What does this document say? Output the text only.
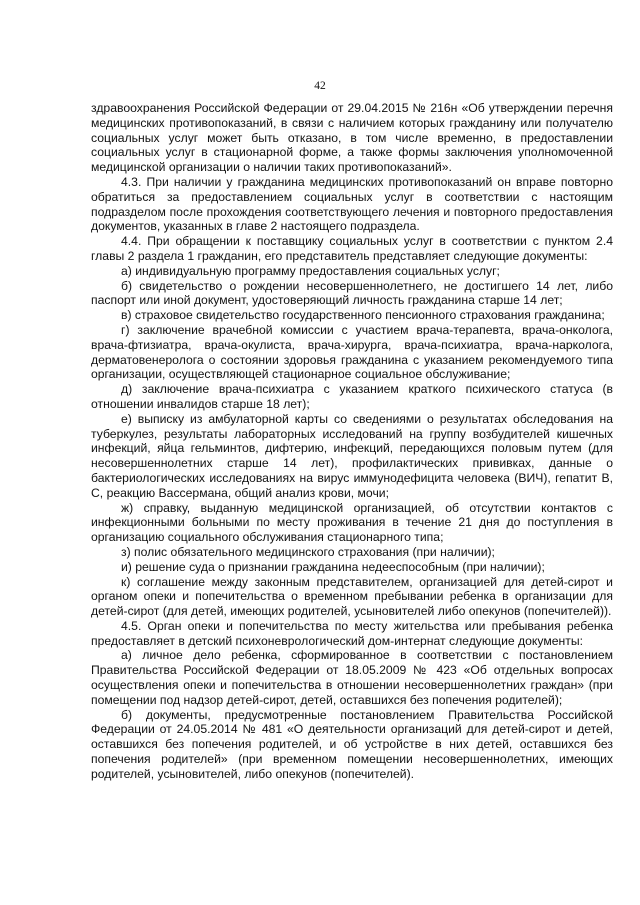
42

здравоохранения Российской Федерации от 29.04.2015 № 216н «Об утверждении перечня медицинских противопоказаний, в связи с наличием которых гражданину или получателю социальных услуг может быть отказано, в том числе временно, в предоставлении социальных услуг в стационарной форме, а также формы заключения уполномоченной медицинской организации о наличии таких противопоказаний».

4.3. При наличии у гражданина медицинских противопоказаний он вправе повторно обратиться за предоставлением социальных услуг в соответствии с настоящим подразделом после прохождения соответствующего лечения и повторного предоставления документов, указанных в главе 2 настоящего подраздела.

4.4. При обращении к поставщику социальных услуг в соответствии с пунктом 2.4 главы 2 раздела 1 гражданин, его представитель представляет следующие документы:

а) индивидуальную программу предоставления социальных услуг;

б) свидетельство о рождении несовершеннолетнего, не достигшего 14 лет, либо паспорт или иной документ, удостоверяющий личность гражданина старше 14 лет;

в) страховое свидетельство государственного пенсионного страхования гражданина;

г) заключение врачебной комиссии с участием врача-терапевта, врача-онколога, врача-фтизиатра, врача-окулиста, врача-хирурга, врача-психиатра, врача-нарколога, дерматовенеролога о состоянии здоровья гражданина с указанием рекомендуемого типа организации, осуществляющей стационарное социальное обслуживание;

д) заключение врача-психиатра с указанием краткого психического статуса (в отношении инвалидов старше 18 лет);

е) выписку из амбулаторной карты со сведениями о результатах обследования на туберкулез, результаты лабораторных исследований на группу возбудителей кишечных инфекций, яйца гельминтов, дифтерию, инфекций, передающихся половым путем (для несовершеннолетних старше 14 лет), профилактических прививках, данные о бактериологических исследованиях на вирус иммунодефицита человека (ВИЧ), гепатит В, С, реакцию Вассермана, общий анализ крови, мочи;

ж) справку, выданную медицинской организацией, об отсутствии контактов с инфекционными больными по месту проживания в течение 21 дня до поступления в организацию социального обслуживания стационарного типа;

з) полис обязательного медицинского страхования (при наличии);

и) решение суда о признании гражданина недееспособным (при наличии);

к) соглашение между законным представителем, организацией для детей-сирот и органом опеки и попечительства о временном пребывании ребенка в организации для детей-сирот (для детей, имеющих родителей, усыновителей либо опекунов (попечителей)).

4.5. Орган опеки и попечительства по месту жительства или пребывания ребенка предоставляет в детский психоневрологический дом-интернат следующие документы:

а) личное дело ребенка, сформированное в соответствии с постановлением Правительства Российской Федерации от 18.05.2009 № 423 «Об отдельных вопросах осуществления опеки и попечительства в отношении несовершеннолетних граждан» (при помещении под надзор детей-сирот, детей, оставшихся без попечения родителей);

б) документы, предусмотренные постановлением Правительства Российской Федерации от 24.05.2014 № 481 «О деятельности организаций для детей-сирот и детей, оставшихся без попечения родителей, и об устройстве в них детей, оставшихся без попечения родителей» (при временном помещении несовершеннолетних, имеющих родителей, усыновителей, либо опекунов (попечителей).
